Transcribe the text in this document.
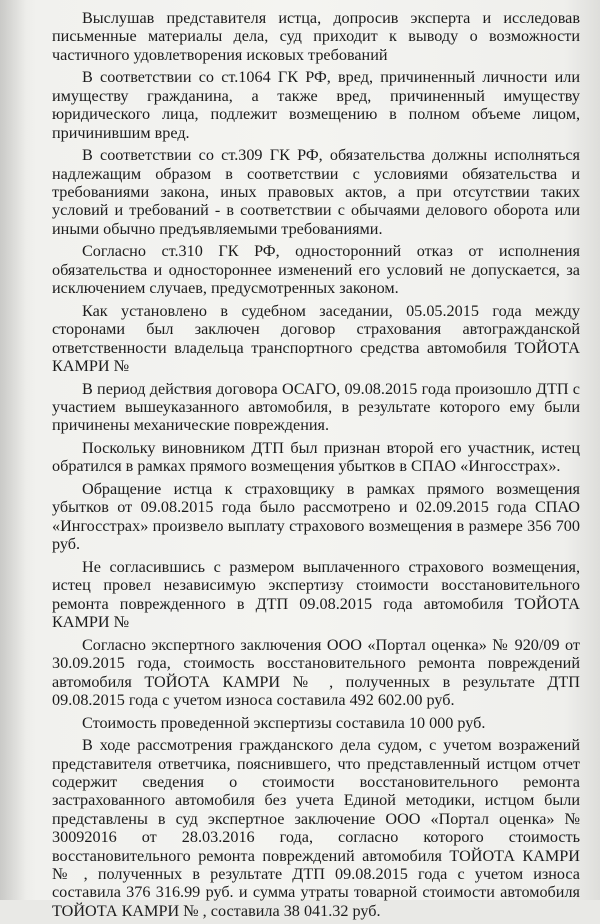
Выслушав представителя истца, допросив эксперта и исследовав письменные материалы дела, суд приходит к выводу о возможности частичного удовлетворения исковых требований

В соответствии со ст.1064 ГК РФ, вред, причиненный личности или имуществу гражданина, а также вред, причиненный имуществу юридического лица, подлежит возмещению в полном объеме лицом, причинившим вред.

В соответствии со ст.309 ГК РФ, обязательства должны исполняться надлежащим образом в соответствии с условиями обязательства и требованиями закона, иных правовых актов, а при отсутствии таких условий и требований - в соответствии с обычаями делового оборота или иными обычно предъявляемыми требованиями.

Согласно ст.310 ГК РФ, односторонний отказ от исполнения обязательства и одностороннее изменений его условий не допускается, за исключением случаев, предусмотренных законом.

Как установлено в судебном заседании, 05.05.2015 года между сторонами был заключен договор страхования автогражданской ответственности владельца транспортного средства автомобиля ТОЙОТА КАМРИ №

В период действия договора ОСАГО, 09.08.2015 года произошло ДТП с участием вышеуказанного автомобиля, в результате которого ему были причинены механические повреждения.

Поскольку виновником ДТП был признан второй его участник, истец обратился в рамках прямого возмещения убытков в СПАО «Ингосстрах».

Обращение истца к страховщику в рамках прямого возмещения убытков от 09.08.2015 года было рассмотрено и 02.09.2015 года СПАО «Ингосстрах» произвело выплату страхового возмещения в размере 356 700 руб.

Не согласившись с размером выплаченного страхового возмещения, истец провел независимую экспертизу стоимости восстановительного ремонта поврежденного в ДТП 09.08.2015 года автомобиля ТОЙОТА КАМРИ №

Согласно экспертного заключения ООО «Портал оценка» № 920/09 от 30.09.2015 года, стоимость восстановительного ремонта повреждений автомобиля ТОЙОТА КАМРИ № , полученных в результате ДТП 09.08.2015 года с учетом износа составила 492 602.00 руб.

Стоимость проведенной экспертизы составила 10 000 руб.

В ходе рассмотрения гражданского дела судом, с учетом возражений представителя ответчика, пояснившего, что представленный истцом отчет содержит сведения о стоимости восстановительного ремонта застрахованного автомобиля без учета Единой методики, истцом были представлены в суд экспертное заключение ООО «Портал оценка» № 30092016 от 28.03.2016 года, согласно которого стоимость восстановительного ремонта повреждений автомобиля ТОЙОТА КАМРИ № , полученных в результате ДТП 09.08.2015 года с учетом износа составила 376 316.99 руб. и сумма утраты товарной стоимости автомобиля ТОЙОТА КАМРИ № , составила 38 041.32 руб.
